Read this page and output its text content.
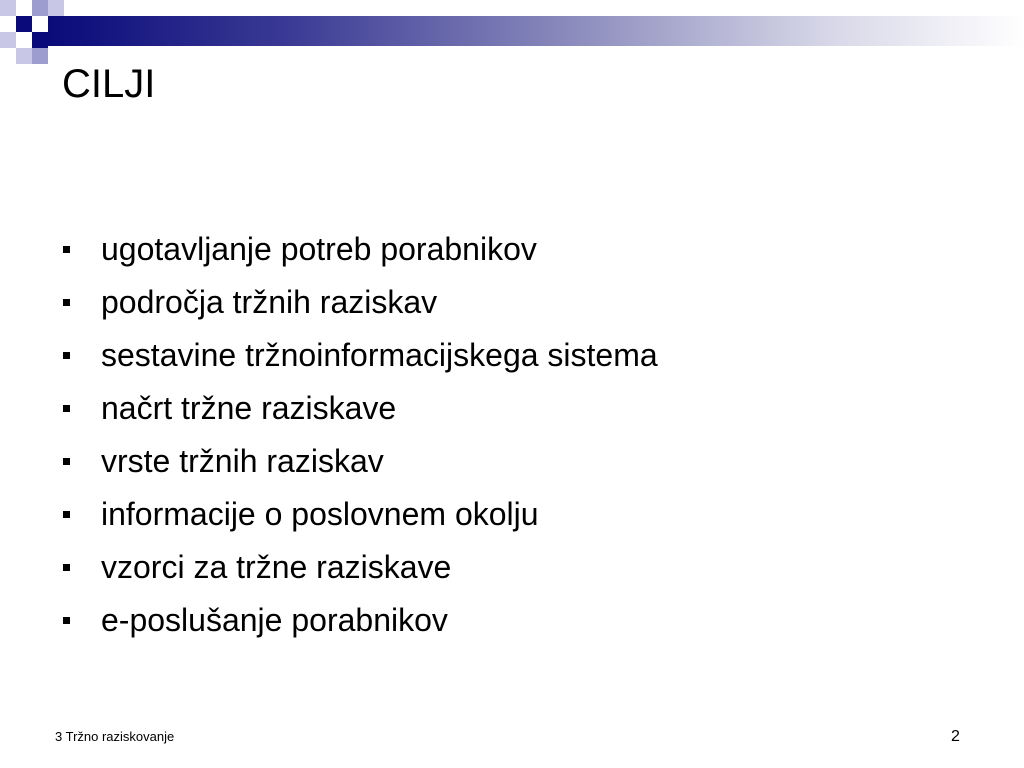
CILJI
ugotavljanje potreb porabnikov
področja tržnih raziskav
sestavine tržnoinformacijskega sistema
načrt tržne raziskave
vrste tržnih raziskav
informacije o poslovnem okolju
vzorci za tržne raziskave
e-poslušanje porabnikov
3 Tržno raziskovanje	2
